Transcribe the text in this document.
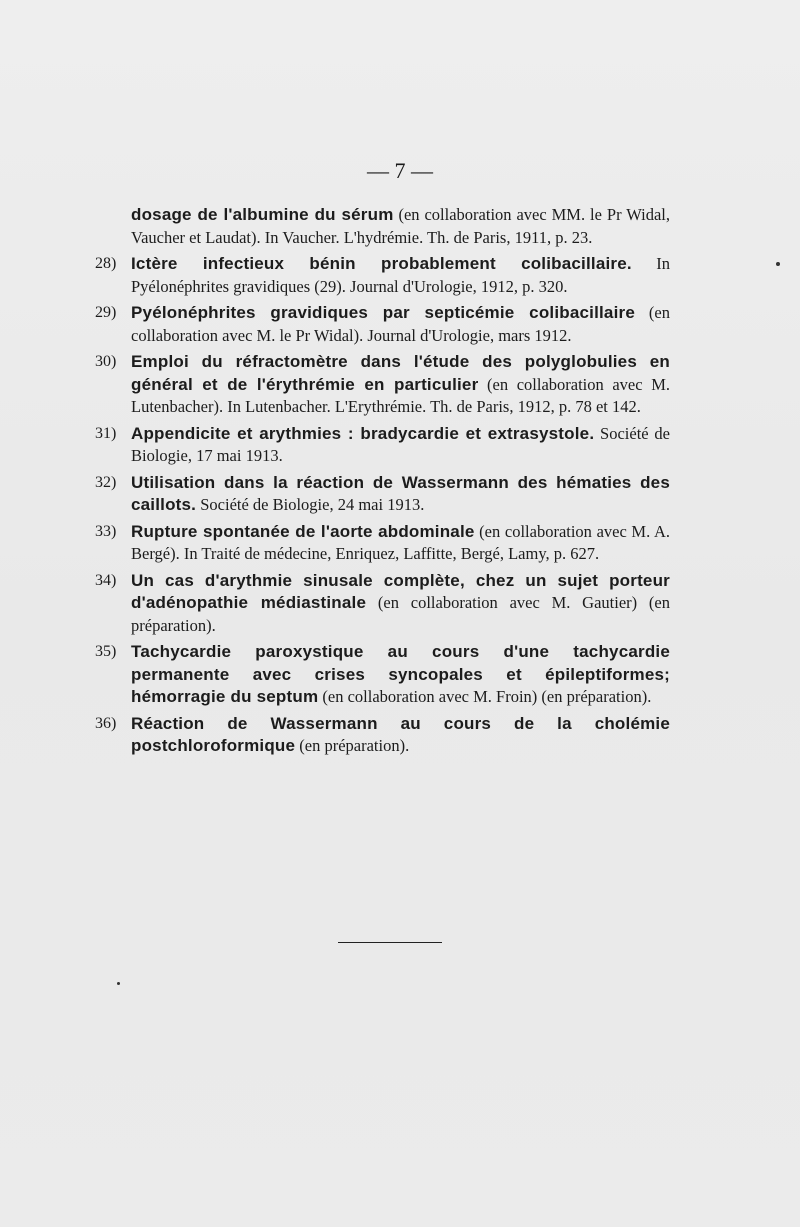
— 7 —
dosage de l'albumine du sérum (en collaboration avec MM. le Pr Widal, Vaucher et Laudat). In Vaucher. L'hydrémie. Th. de Paris, 1911, p. 23.
28) Ictère infectieux bénin probablement colibacillaire. In Pyélonéphrites gravidiques (29). Journal d'Urologie, 1912, p. 320.
29) Pyélonéphrites gravidiques par septicémie colibacillaire (en collaboration avec M. le Pr Widal). Journal d'Urologie, mars 1912.
30) Emploi du réfractomètre dans l'étude des polyglobulies en général et de l'érythrémie en particulier (en collaboration avec M. Lutenbacher). In Lutenbacher. L'Erythrémie. Th. de Paris, 1912, p. 78 et 142.
31) Appendicite et arythmies : bradycardie et extrasystole. Société de Biologie, 17 mai 1913.
32) Utilisation dans la réaction de Wassermann des hématies des caillots. Société de Biologie, 24 mai 1913.
33) Rupture spontanée de l'aorte abdominale (en collaboration avec M. A. Bergé). In Traité de médecine, Enriquez, Laffitte, Bergé, Lamy, p. 627.
34) Un cas d'arythmie sinusale complète, chez un sujet porteur d'adénopathie médiastinale (en collaboration avec M. Gautier) (en préparation).
35) Tachycardie paroxystique au cours d'une tachycardie permanente avec crises syncopales et épileptiformes; hémorragie du septum (en collaboration avec M. Froin) (en préparation).
36) Réaction de Wassermann au cours de la cholémie postchloroformique (en préparation).
